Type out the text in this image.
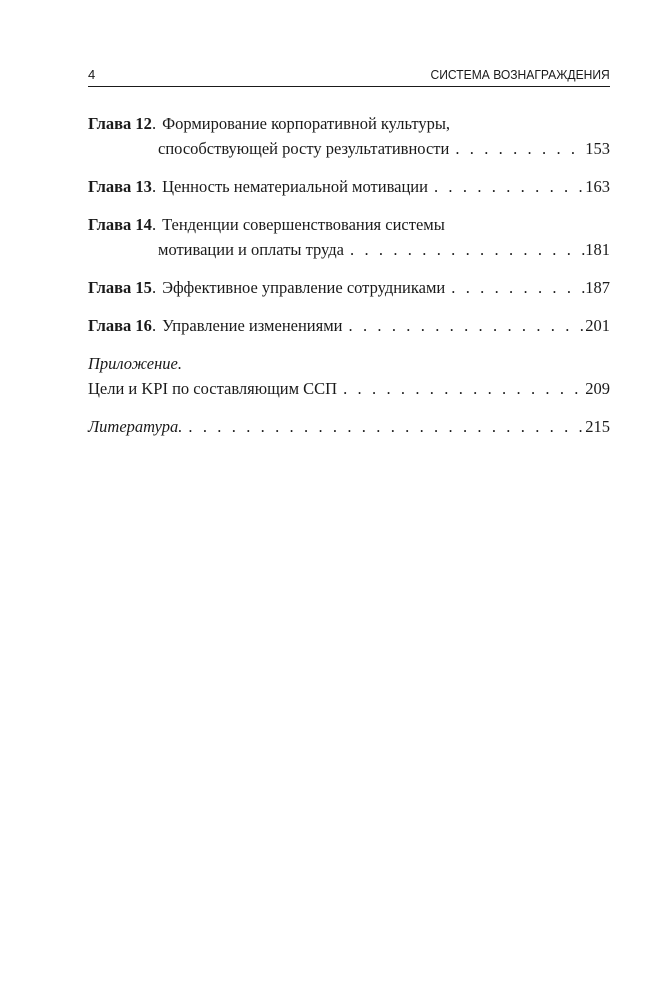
4	СИСТЕМА ВОЗНАГРАЖДЕНИЯ
Глава 12 . Формирование корпоративной культуры,
способствующей росту результативности . . .	153
Глава 13 . Ценность нематериальной мотивации . . .	163
Глава 14 . Тенденции совершенствования системы
мотивации и оплаты труда . . .	181
Глава 15 . Эффективное управление сотрудниками . . .	187
Глава 16 . Управление изменениями . . .	201
Приложение.
Цели и KPI по составляющим ССП . . .	209
Литература. . . .	215
